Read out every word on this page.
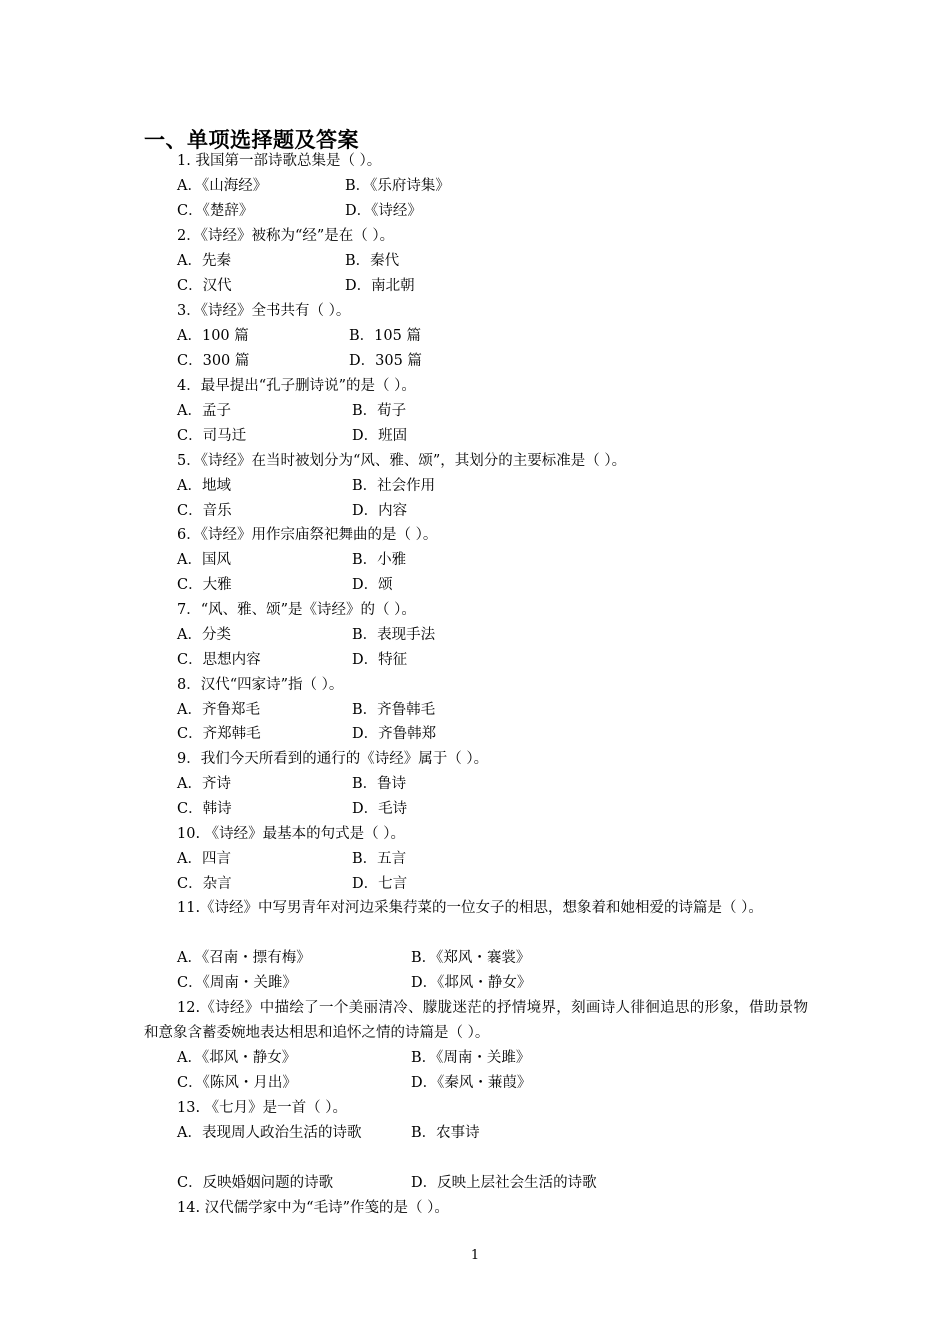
一、单项选择题及答案
1. 我国第一部诗歌总集是（ ）。
A．《山海经》	B．《乐府诗集》
C．《楚辞》	D．《诗经》
2．《诗经》被称为“经”是在（ ）。
A．先秦	B．秦代
C．汉代	D．南北朝
3．《诗经》全书共有（ ）。
A．100 篇	B．105 篇
C．300 篇	D．305 篇
4．最早提出“孔子删诗说”的是（ ）。
A．孟子	B．荀子
C．司马迁	D．班固
5．《诗经》在当时被划分为“风、雅、颂”，其划分的主要标准是（ ）。
A．地域	B．社会作用
C．音乐	D．内容
6．《诗经》用作宗庙祭祀舞曲的是（ ）。
A．国风	B．小雅
C．大雅	D．颂
7．“风、雅、颂”是《诗经》的（ ）。
A．分类	B．表现手法
C．思想内容	D．特征
8．汉代“四家诗”指（ ）。
A．齐鲁郑毛	B．齐鲁韩毛
C．齐郑韩毛	D．齐鲁韩郑
9．我们今天所看到的通行的《诗经》属于（ ）。
A．齐诗	B．鲁诗
C．韩诗	D．毛诗
10. 《诗经》最基本的句式是（ ）。
A．四言	B．五言
C．杂言	D．七言
11.《诗经》中写男青年对河边采集荇菜的一位女子的相思，想象着和她相爱的诗篇是（ ）。
A．《召南・摽有梅》	B．《郑风・褰裳》
C．《周南・关雎》	D．《邶风・静女》
12.《诗经》中描绘了一个美丽清冷、朦胧迷茫的抒情境界，刻画诗人徘徊追思的形象，借助景物和意象含蓄委婉地表达相思和追怀之情的诗篇是（ ）。
A．《邶风・静女》	B．《周南・关雎》
C．《陈风・月出》	D．《秦风・蒹葭》
13. 《七月》是一首（ ）。
A．表现周人政治生活的诗歌	B．农事诗
C．反映婚姻问题的诗歌	D．反映上层社会生活的诗歌
14. 汉代儒学家中为“毛诗”作笺的是（ ）。
1
